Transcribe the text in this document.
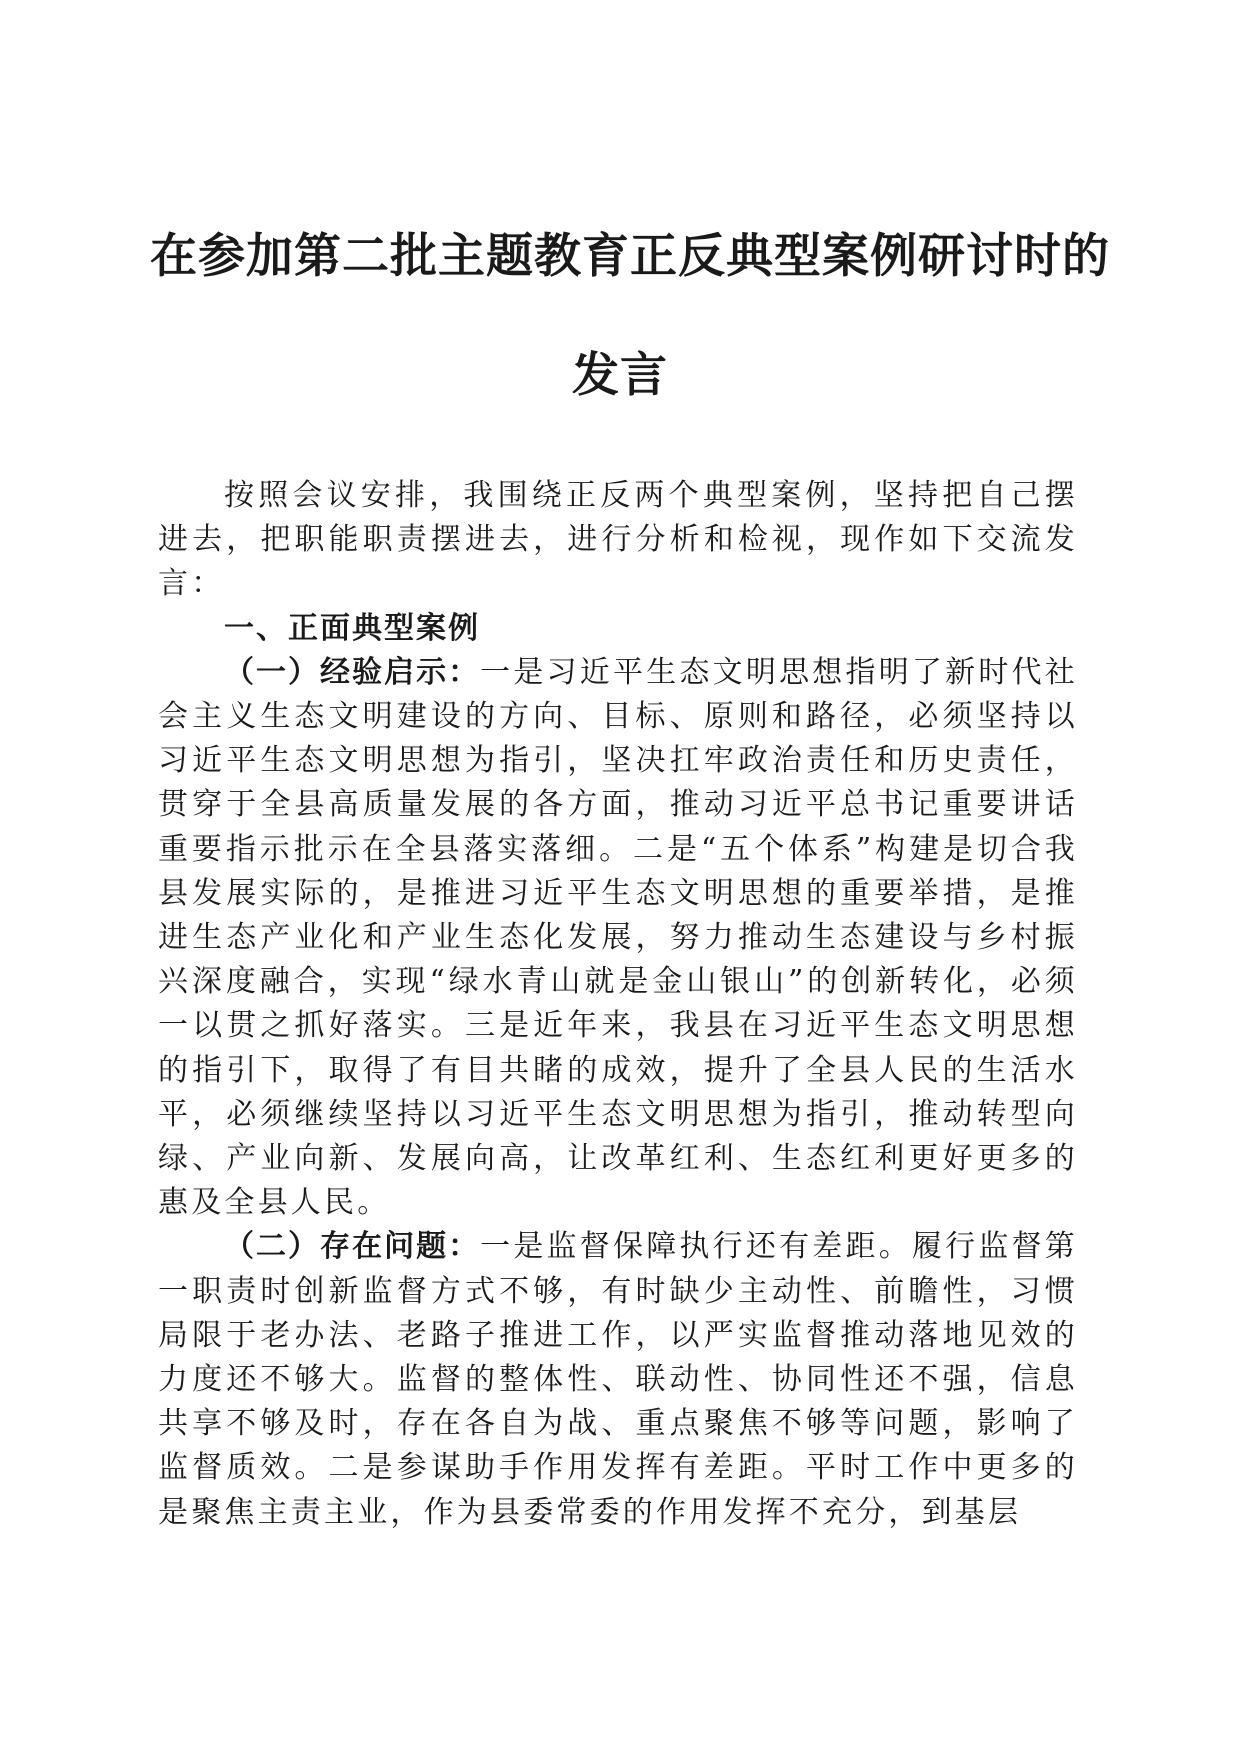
在参加第二批主题教育正反典型案例研讨时的
发言

按照会议安排，我围绕正反两个典型案例，坚持把自己摆进去，把职能职责摆进去，进行分析和检视，现作如下交流发言：

一、正面典型案例

（一）经验启示：一是习近平生态文明思想指明了新时代社会主义生态文明建设的方向、目标、原则和路径，必须坚持以习近平生态文明思想为指引，坚决扛牢政治责任和历史责任，贯穿于全县高质量发展的各方面，推动习近平总书记重要讲话重要指示批示在全县落实落细。二是“五个体系”构建是切合我县发展实际的，是推进习近平生态文明思想的重要举措，是推进生态产业化和产业生态化发展，努力推动生态建设与乡村振兴深度融合，实现“绿水青山就是金山银山”的创新转化，必须一以贯之抓好落实。三是近年来，我县在习近平生态文明思想的指引下，取得了有目共睹的成效，提升了全县人民的生活水平，必须继续坚持以习近平生态文明思想为指引，推动转型向绿、产业向新、发展向高，让改革红利、生态红利更好更多的惠及全县人民。

（二）存在问题：一是监督保障执行还有差距。履行监督第一职责时创新监督方式不够，有时缺少主动性、前瞻性，习惯局限于老办法、老路子推进工作，以严实监督推动落地见效的力度还不够大。监督的整体性、联动性、协同性还不强，信息共享不够及时，存在各自为战、重点聚焦不够等问题，影响了监督质效。二是参谋助手作用发挥有差距。平时工作中更多的是聚焦主责主业，作为县委常委的作用发挥不充分，到基层
